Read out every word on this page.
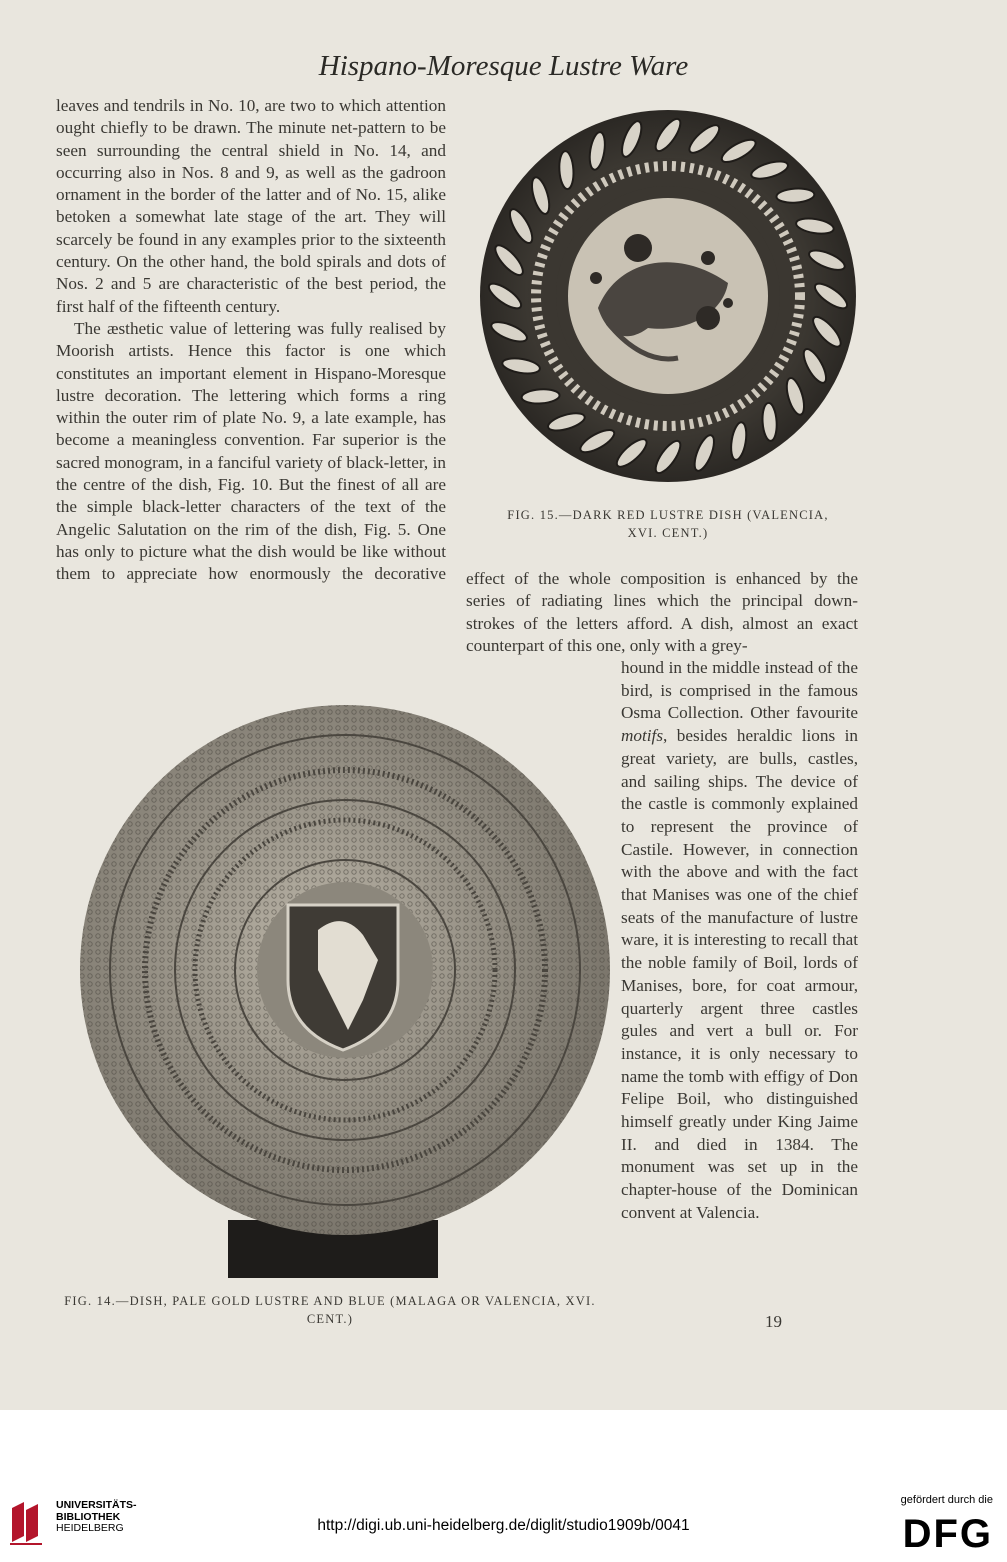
Hispano-Moresque Lustre Ware

leaves and tendrils in No. 10, are two to which attention ought chiefly to be drawn. The minute net-pattern to be seen surrounding the central shield in No. 14, and occurring also in Nos. 8 and 9, as well as the gadroon ornament in the border of the latter and of No. 15, alike betoken a somewhat late stage of the art. They will scarcely be found in any examples prior to the sixteenth century. On the other hand, the bold spirals and dots of Nos. 2 and 5 are characteristic of the best period, the first half of the fifteenth century.

The æsthetic value of lettering was fully realised by Moorish artists. Hence this factor is one which constitutes an important element in Hispano-Moresque lustre decoration. The lettering which forms a ring within the outer rim of plate No. 9, a late example, has become a meaningless convention. Far superior is the sacred monogram, in a fanciful variety of black-letter, in the centre of the dish, Fig. 10. But the finest of all are the simple black-letter characters of the text of the Angelic Salutation on the rim of the dish, Fig. 5. One has only to picture what the dish would be like without them to appreciate how enormously the decorative

FIG. 15.—DARK RED LUSTRE DISH (VALENCIA,
XVI. CENT.)

effect of the whole composition is enhanced by the series of radiating lines which the principal down-strokes of the letters afford. A dish, almost an exact counterpart of this one, only with a grey-

hound in the middle instead of the bird, is comprised in the famous Osma Collection. Other favourite motifs, besides heraldic lions in great variety, are bulls, castles, and sailing ships. The device of the castle is commonly explained to represent the province of Castile. However, in connection with the above and with the fact that Manises was one of the chief seats of the manufacture of lustre ware, it is interesting to recall that the noble family of Boil, lords of Manises, bore, for coat armour, quarterly argent three castles gules and vert a bull or. For instance, it is only necessary to name the tomb with effigy of Don Felipe Boil, who distinguished himself greatly under King Jaime II. and died in 1384. The monument was set up in the chapter-house of the Dominican convent at Valencia.

FIG. 14.—DISH, PALE GOLD LUSTRE AND BLUE (MALAGA OR VALENCIA, XVI. CENT.)	19
UNIVERSITÄTS-
BIBLIOTHEK
HEIDELBERG	http://digi.ub.uni-heidelberg.de/diglit/studio1909b/0041
gefördert durch die
DFG
